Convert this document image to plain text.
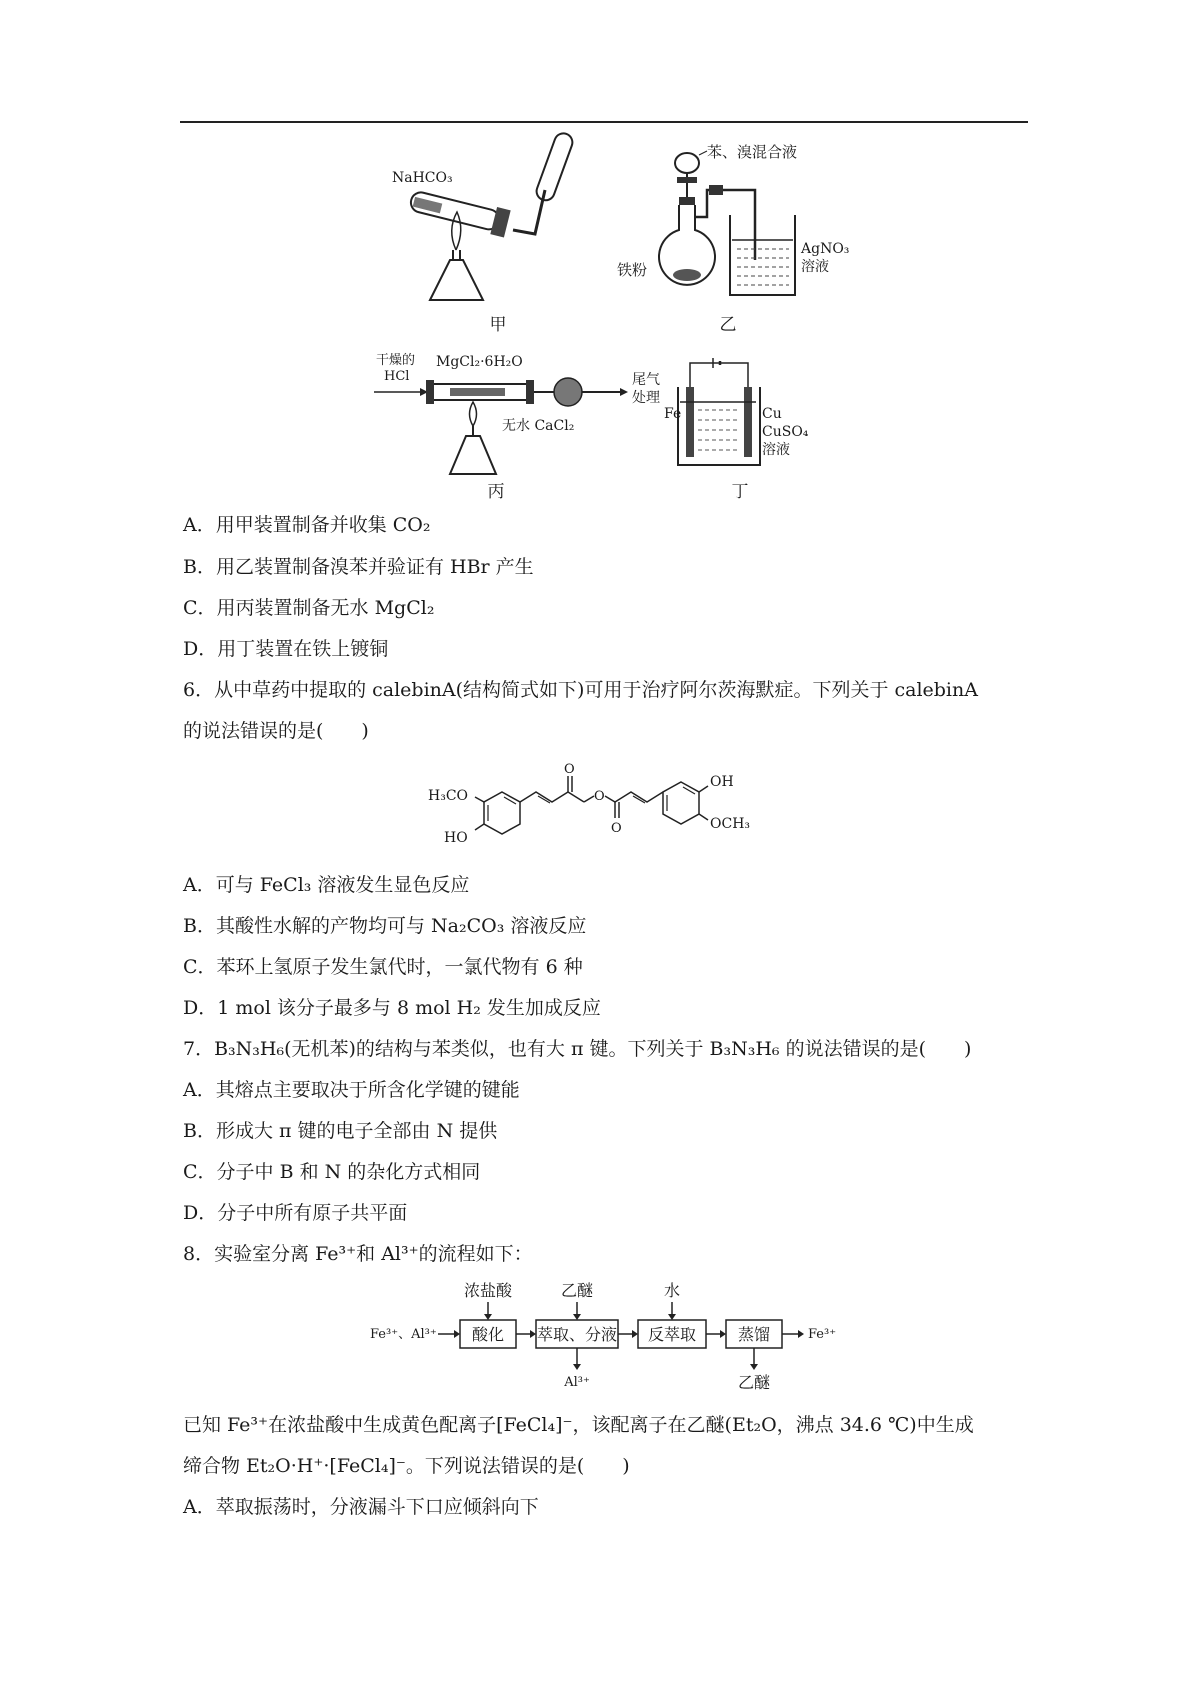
NaHCO₃
甲
苯、溴混合液
AgNO₃
溶液
铁粉
乙
干燥的
HCl
MgCl₂·6H₂O
无水 CaCl₂
尾气
处理
丙
Fe	Cu
CuSO₄
溶液
丁
A．用甲装置制备并收集 CO₂
B．用乙装置制备溴苯并验证有 HBr 产生
C．用丙装置制备无水 MgCl₂
D．用丁装置在铁上镀铜
6．从中草药中提取的 calebinA(结构简式如下)可用于治疗阿尔茨海默症。下列关于 calebinA
的说法错误的是(　　)
H₃CO
HO
O
O
O
OH
OCH₃
A．可与 FeCl₃ 溶液发生显色反应
B．其酸性水解的产物均可与 Na₂CO₃ 溶液反应
C．苯环上氢原子发生氯代时，一氯代物有 6 种
D．1 mol 该分子最多与 8 mol H₂ 发生加成反应
7．B₃N₃H₆(无机苯)的结构与苯类似，也有大 π 键。下列关于 B₃N₃H₆ 的说法错误的是(　　)
A．其熔点主要取决于所含化学键的键能
B．形成大 π 键的电子全部由 N 提供
C．分子中 B 和 N 的杂化方式相同
D．分子中所有原子共平面
8．实验室分离 Fe³⁺和 Al³⁺的流程如下：
Fe³⁺、Al³⁺ 酸化
浓盐酸
萃取、分液
乙醚
Al³⁺
反萃取
水
蒸馏
乙醚
Fe³⁺
已知 Fe³⁺在浓盐酸中生成黄色配离子[FeCl₄]⁻，该配离子在乙醚(Et₂O，沸点 34.6 ℃)中生成
缔合物 Et₂O·H⁺·[FeCl₄]⁻。下列说法错误的是(　　)
A．萃取振荡时，分液漏斗下口应倾斜向下
